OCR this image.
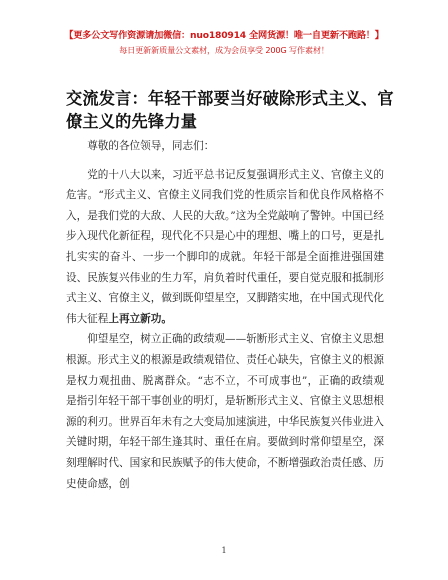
【更多公文写作资源请加微信：nuo180914 全网货源！唯一自更新不跑路！】
每日更新新质量公文素材，成为会员享受 200G 写作素材！
交流发言：年轻干部要当好破除形式主义、官僚主义的先锋力量

尊敬的各位领导，同志们：

党的十八大以来，习近平总书记反复强调形式主义、官僚主义的危害。“形式主义、官僚主义同我们党的性质宗旨和优良作风格格不入，是我们党的大敌、人民的大敌。”这为全党敲响了警钟。中国已经步入现代化新征程，现代化不只是心中的理想、嘴上的口号，更是扎扎实实的奋斗、一步一个脚印的成就。年轻干部是全面推进强国建设、民族复兴伟业的生力军，肩负着时代重任，要自觉克服和抵制形式主义、官僚主义，做到既仰望星空，又脚踏实地，在中国式现代化伟大征程上再立新功。

仰望星空，树立正确的政绩观——斩断形式主义、官僚主义思想根源。形式主义的根源是政绩观错位、责任心缺失，官僚主义的根源是权力观扭曲、脱离群众。“志不立，不可成事也”，正确的政绩观是指引年轻干部干事创业的明灯，是斩断形式主义、官僚主义思想根源的利刃。世界百年未有之大变局加速演进，中华民族复兴伟业进入关键时期，年轻干部生逢其时、重任在肩。要做到时常仰望星空，深刻理解时代、国家和民族赋予的伟大使命，不断增强政治责任感、历史使命感，创

1
